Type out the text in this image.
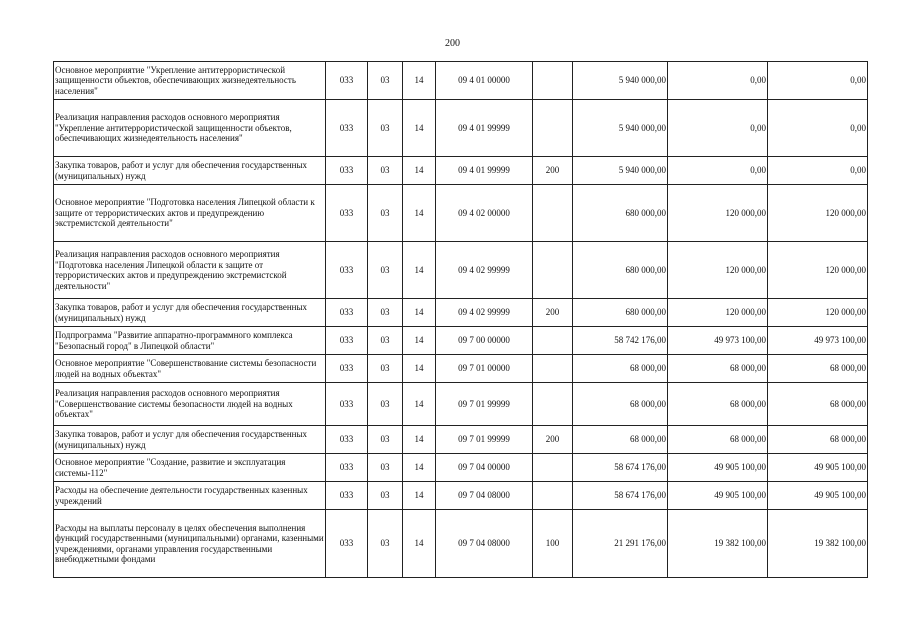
200
Основное мероприятие "Укрепление антитеррористической защищенности объектов, обеспечивающих жизнедеятельность населения"	033	03	14	09 4 01 00000		5 940 000,00	0,00	0,00
Реализация направления расходов основного мероприятия "Укрепление антитеррористической защищенности объектов, обеспечивающих жизнедеятельность населения"	033	03	14	09 4 01 99999		5 940 000,00	0,00	0,00
Закупка товаров, работ и услуг для обеспечения государственных (муниципальных) нужд	033	03	14	09 4 01 99999	200	5 940 000,00	0,00	0,00
Основное мероприятие "Подготовка населения Липецкой области к защите от террористических актов и предупреждению экстремистской деятельности"	033	03	14	09 4 02 00000		680 000,00	120 000,00	120 000,00
Реализация направления расходов основного мероприятия "Подготовка населения Липецкой области к защите от террористических актов и предупреждению экстремистской деятельности"	033	03	14	09 4 02 99999		680 000,00	120 000,00	120 000,00
Закупка товаров, работ и услуг для обеспечения государственных (муниципальных) нужд	033	03	14	09 4 02 99999	200	680 000,00	120 000,00	120 000,00
Подпрограмма "Развитие аппаратно-программного комплекса "Безопасный город" в Липецкой области"	033	03	14	09 7 00 00000		58 742 176,00	49 973 100,00	49 973 100,00
Основное мероприятие "Совершенствование системы безопасности людей на водных объектах"	033	03	14	09 7 01 00000		68 000,00	68 000,00	68 000,00
Реализация направления расходов основного мероприятия "Совершенствование системы безопасности людей на водных объектах"	033	03	14	09 7 01 99999		68 000,00	68 000,00	68 000,00
Закупка товаров, работ и услуг для обеспечения государственных (муниципальных) нужд	033	03	14	09 7 01 99999	200	68 000,00	68 000,00	68 000,00
Основное мероприятие "Создание, развитие и эксплуатация системы-112"	033	03	14	09 7 04 00000		58 674 176,00	49 905 100,00	49 905 100,00
Расходы на обеспечение деятельности государственных казенных учреждений	033	03	14	09 7 04 08000		58 674 176,00	49 905 100,00	49 905 100,00
Расходы на выплаты персоналу в целях обеспечения выполнения функций государственными (муниципальными) органами, казенными учреждениями, органами управления государственными внебюджетными фондами	033	03	14	09 7 04 08000	100	21 291 176,00	19 382 100,00	19 382 100,00
